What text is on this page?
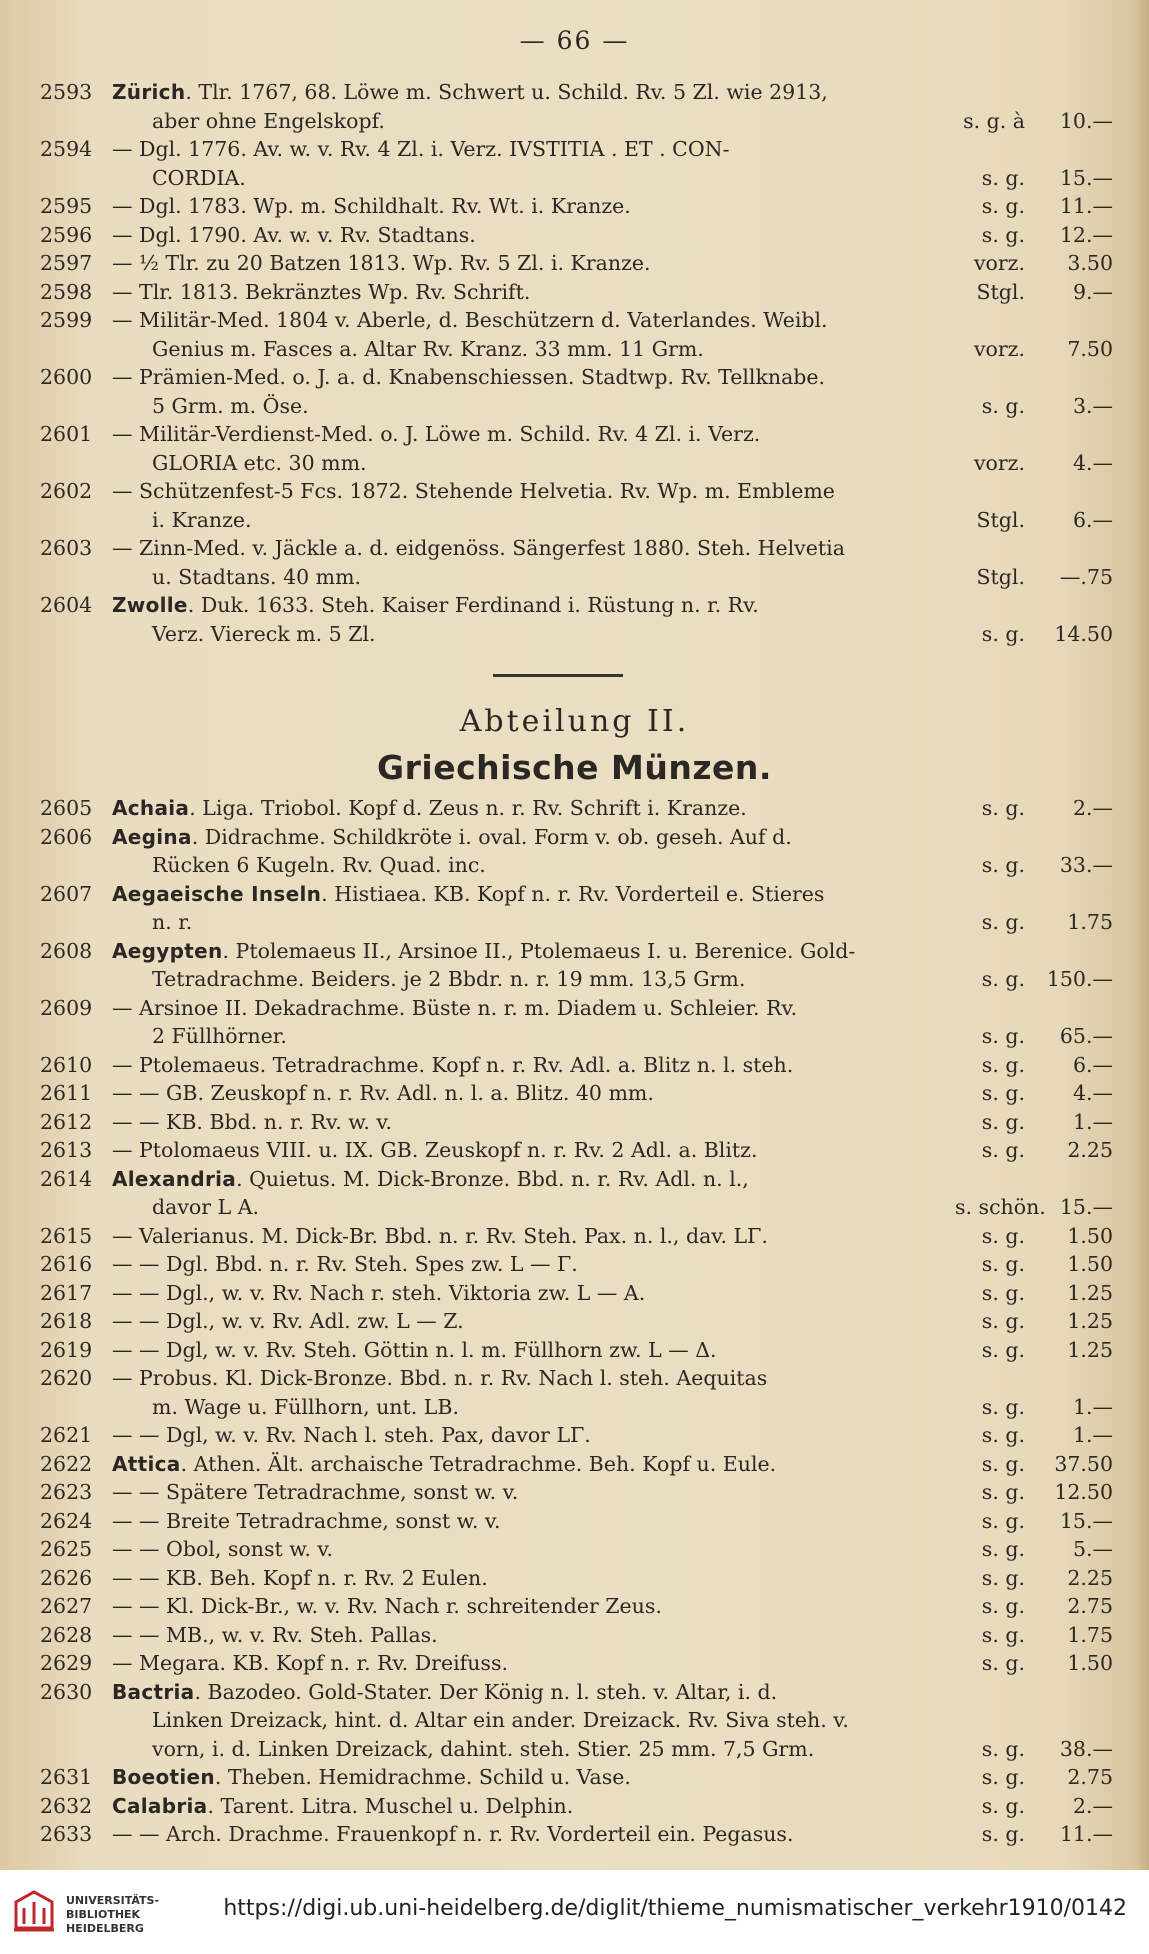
— 66 —
2593 Zürich. Tlr. 1767, 68. Löwe m. Schwert u. Schild. Rv. 5 Zl. wie 2913,
aber ohne Engelskopf.	s. g. à	10.—
2594 — Dgl. 1776. Av. w. v. Rv. 4 Zl. i. Verz. IVSTITIA . ET . CON-
CORDIA.	s. g.	15.—
2595 — Dgl. 1783. Wp. m. Schildhalt. Rv. Wt. i. Kranze.	s. g.	11.—
2596 — Dgl. 1790. Av. w. v. Rv. Stadtans.	s. g.	12.—
2597 — ½ Tlr. zu 20 Batzen 1813. Wp. Rv. 5 Zl. i. Kranze.	vorz.	3.50
2598 — Tlr. 1813. Bekränztes Wp. Rv. Schrift.	Stgl.	9.—
2599 — Militär-Med. 1804 v. Aberle, d. Beschützern d. Vaterlandes. Weibl.
Genius m. Fasces a. Altar Rv. Kranz. 33 mm. 11 Grm.	vorz.	7.50
2600 — Prämien-Med. o. J. a. d. Knabenschiessen. Stadtwp. Rv. Tellknabe.
5 Grm. m. Öse.	s. g.	3.—
2601 — Militär-Verdienst-Med. o. J. Löwe m. Schild. Rv. 4 Zl. i. Verz.
GLORIA etc. 30 mm.	vorz.	4.—
2602 — Schützenfest-5 Fcs. 1872. Stehende Helvetia. Rv. Wp. m. Embleme
i. Kranze.	Stgl.	6.—
2603 — Zinn-Med. v. Jäckle a. d. eidgenöss. Sängerfest 1880. Steh. Helvetia
u. Stadtans. 40 mm.	Stgl.	—.75
2604 Zwolle. Duk. 1633. Steh. Kaiser Ferdinand i. Rüstung n. r. Rv.
Verz. Viereck m. 5 Zl.	s. g.	14.50
Abteilung II.
Griechische Münzen.
2605 Achaia. Liga. Triobol. Kopf d. Zeus n. r. Rv. Schrift i. Kranze.	s. g.	2.—
2606 Aegina. Didrachme. Schildkröte i. oval. Form v. ob. geseh. Auf d.
Rücken 6 Kugeln. Rv. Quad. inc.	s. g.	33.—
2607 Aegaeische Inseln. Histiaea. KB. Kopf n. r. Rv. Vorderteil e. Stieres
n. r.	s. g.	1.75
2608 Aegypten. Ptolemaeus II., Arsinoe II., Ptolemaeus I. u. Berenice. Gold-
Tetradrachme. Beiders. je 2 Bbdr. n. r. 19 mm. 13,5 Grm.	s. g.	150.—
2609 — Arsinoe II. Dekadrachme. Büste n. r. m. Diadem u. Schleier. Rv.
2 Füllhörner.	s. g.	65.—
2610 — Ptolemaeus. Tetradrachme. Kopf n. r. Rv. Adl. a. Blitz n. l. steh.	s. g.	6.—
2611 — — GB. Zeuskopf n. r. Rv. Adl. n. l. a. Blitz. 40 mm.	s. g.	4.—
2612 — — KB. Bbd. n. r. Rv. w. v.	s. g.	1.—
2613 — Ptolomaeus VIII. u. IX. GB. Zeuskopf n. r. Rv. 2 Adl. a. Blitz.	s. g.	2.25
2614 Alexandria. Quietus. M. Dick-Bronze. Bbd. n. r. Rv. Adl. n. l.,
davor L A.	s. schön. 15.—
2615 — Valerianus. M. Dick-Br. Bbd. n. r. Rv. Steh. Pax. n. l., dav. LΓ.	s. g.	1.50
2616 — — Dgl. Bbd. n. r. Rv. Steh. Spes zw. L — Γ.	s. g.	1.50
2617 — — Dgl., w. v. Rv. Nach r. steh. Viktoria zw. L — A.	s. g.	1.25
2618 — — Dgl., w. v. Rv. Adl. zw. L — Z.	s. g.	1.25
2619 — — Dgl, w. v. Rv. Steh. Göttin n. l. m. Füllhorn zw. L — Δ.	s. g.	1.25
2620 — Probus. Kl. Dick-Bronze. Bbd. n. r. Rv. Nach l. steh. Aequitas
m. Wage u. Füllhorn, unt. LB.	s. g.	1.—
2621 — — Dgl, w. v. Rv. Nach l. steh. Pax, davor LΓ.	s. g.	1.—
2622 Attica. Athen. Ält. archaische Tetradrachme. Beh. Kopf u. Eule.	s. g.	37.50
2623 — — Spätere Tetradrachme, sonst w. v.	s. g.	12.50
2624 — — Breite Tetradrachme, sonst w. v.	s. g.	15.—
2625 — — Obol, sonst w. v.	s. g.	5.—
2626 — — KB. Beh. Kopf n. r. Rv. 2 Eulen.	s. g.	2.25
2627 — — Kl. Dick-Br., w. v. Rv. Nach r. schreitender Zeus.	s. g.	2.75
2628 — — MB., w. v. Rv. Steh. Pallas.	s. g.	1.75
2629 — Megara. KB. Kopf n. r. Rv. Dreifuss.	s. g.	1.50
2630 Bactria. Bazodeo. Gold-Stater. Der König n. l. steh. v. Altar, i. d.
Linken Dreizack, hint. d. Altar ein ander. Dreizack. Rv. Siva steh. v.
vorn, i. d. Linken Dreizack, dahint. steh. Stier. 25 mm. 7,5 Grm.	s. g.	38.—
2631 Boeotien. Theben. Hemidrachme. Schild u. Vase.	s. g.	2.75
2632 Calabria. Tarent. Litra. Muschel u. Delphin.	s. g.	2.—
2633 — — Arch. Drachme. Frauenkopf n. r. Rv. Vorderteil ein. Pegasus.	s. g.	11.—
UNIVERSITÄTS-
BIBLIOTHEK
HEIDELBERG
https://digi.ub.uni-heidelberg.de/diglit/thieme_numismatischer_verkehr1910/0142
